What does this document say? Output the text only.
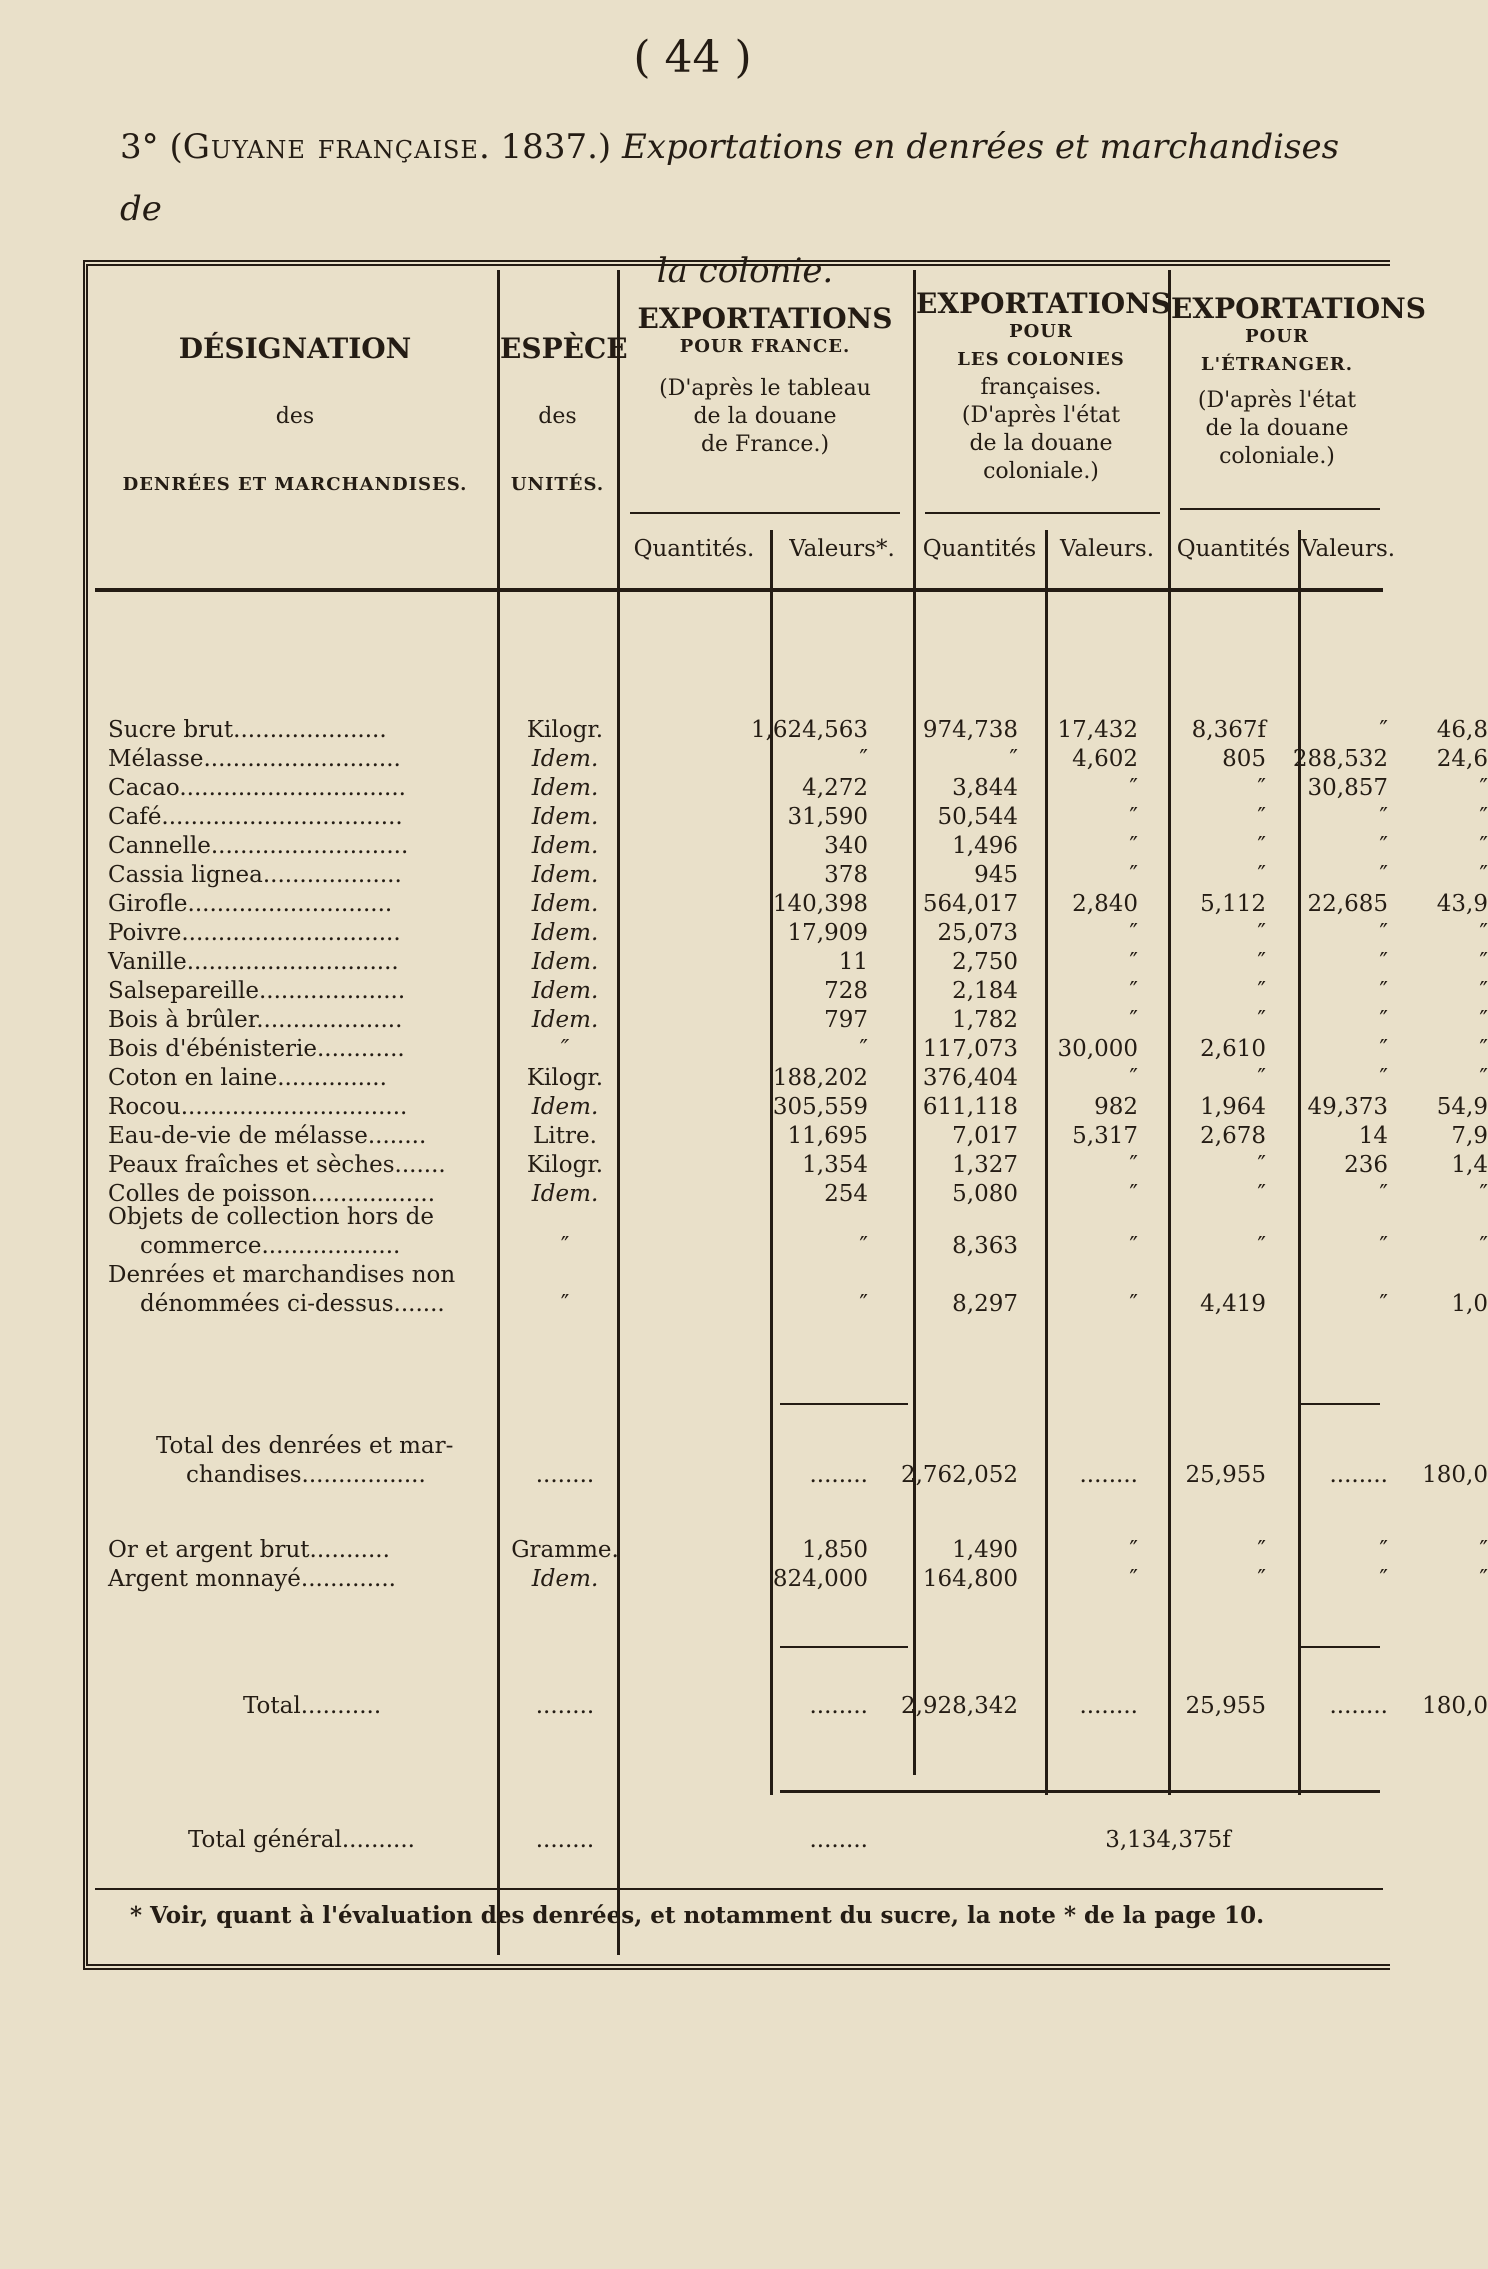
( 44 )
3° (Guyane française. 1837.) Exportations en denrées et marchandises de
la colonie.
DÉSIGNATION
des
DENRÉES ET MARCHANDISES.
ESPÈCE
des
UNITÉS.
EXPORTATIONS
POUR FRANCE.
(D'après le tableau
de la douane
de France.)
EXPORTATIONS
POUR
LES COLONIES
françaises.
(D'après l'état
de la douane
coloniale.)
EXPORTATIONS
POUR
L'ÉTRANGER.
(D'après l'état
de la douane
coloniale.)
Quantités.	Valeurs*.	Quantités	Valeurs. Quantités Valeurs.
Sucre brut.....................	Kilogr.	1,624,563	974,738	17,432	8,367f	″	46,8
Mélasse...........................	Idem.	″	″	4,602	805	288,532	24,6
Cacao...............................	Idem.	4,272	3,844	″	″	30,857	″
Café.................................	Idem.	31,590	50,544	″	″	″	″
Cannelle...........................	Idem.	340	1,496	″	″	″	″
Cassia lignea...................	Idem.	378	945	″	″	″	″
Girofle............................	Idem.	140,398	564,017	2,840	5,112	22,685	43,9
Poivre..............................	Idem.	17,909	25,073	″	″	″	″
Vanille.............................	Idem.	11	2,750	″	″	″	″
Salsepareille....................	Idem.	728	2,184	″	″	″	″
Bois à brûler....................	Idem.	797	1,782	″	″	″	″
Bois d'ébénisterie............	″	″	117,073	30,000	2,610	″	″
Coton en laine...............	Kilogr.	188,202	376,404	″	″	″	″
Rocou...............................	Idem.	305,559	611,118	982	1,964	49,373	54,9
Eau-de-vie de mélasse........	Litre.	11,695	7,017	5,317	2,678	14	7,9
Peaux fraîches et sèches.......	Kilogr.	1,354	1,327	″	″	236	1,4
Colles de poisson.................	Idem.	254	5,080	″	″	″	″
Objets de collection hors de
commerce...................	″	″	8,363	″	″	″	″
Denrées et marchandises non
dénommées ci-dessus.......	″	″	8,297	″	4,419	″	1,0
Total des denrées et mar-
chandises.................	........	........	2,762,052	........	25,955	........	180,0
Or et argent brut...........	Gramme.	1,850	1,490	″	″	″	″
Argent monnayé.............	Idem.	824,000	164,800	″	″	″	″
Total...........	........	........	2,928,342	........	25,955	........	180,0
Total général..........	........	........	3,134,375f
* Voir, quant à l'évaluation des denrées, et notamment du sucre, la note * de la page 10.
